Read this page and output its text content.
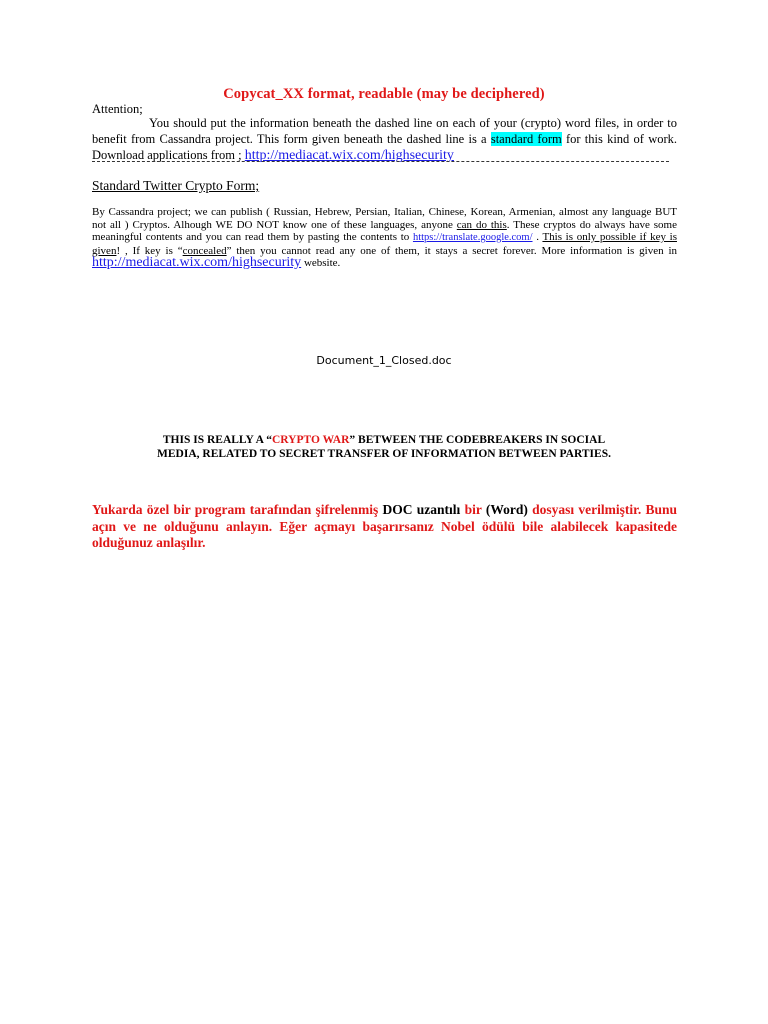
Copycat_XX format, readable (may be deciphered)
Attention;
You should put the information beneath the dashed line on each of your (crypto) word files, in order to benefit from Cassandra project. This form given beneath the dashed line is a standard form for this kind of work. Download applications from ; http://mediacat.wix.com/highsecurity
Standard Twitter Crypto Form;
By Cassandra project; we can publish ( Russian, Hebrew, Persian, Italian, Chinese, Korean, Armenian, almost any language BUT not all ) Cryptos. Alhough WE DO NOT know one of these languages, anyone can do this. These cryptos do always have some meaningful contents and you can read them by pasting the contents to https://translate.google.com/ . This is only possible if key is given! , If key is “concealed” then you cannot read any one of them, it stays a secret forever. More information is given in http://mediacat.wix.com/highsecurity website.
Document_1_Closed.doc
THIS IS REALLY A “CRYPTO WAR” BETWEEN THE CODEBREAKERS IN SOCIAL
MEDIA, RELATED TO SECRET TRANSFER OF INFORMATION BETWEEN PARTIES.
Yukarda özel bir program tarafından şifrelenmiş DOC uzantılı bir (Word) dosyası verilmiştir. Bunu açın ve ne olduğunu anlayın. Eğer açmayı başarırsanız Nobel ödülü bile alabilecek kapasitede olduğunuz anlaşılır.
